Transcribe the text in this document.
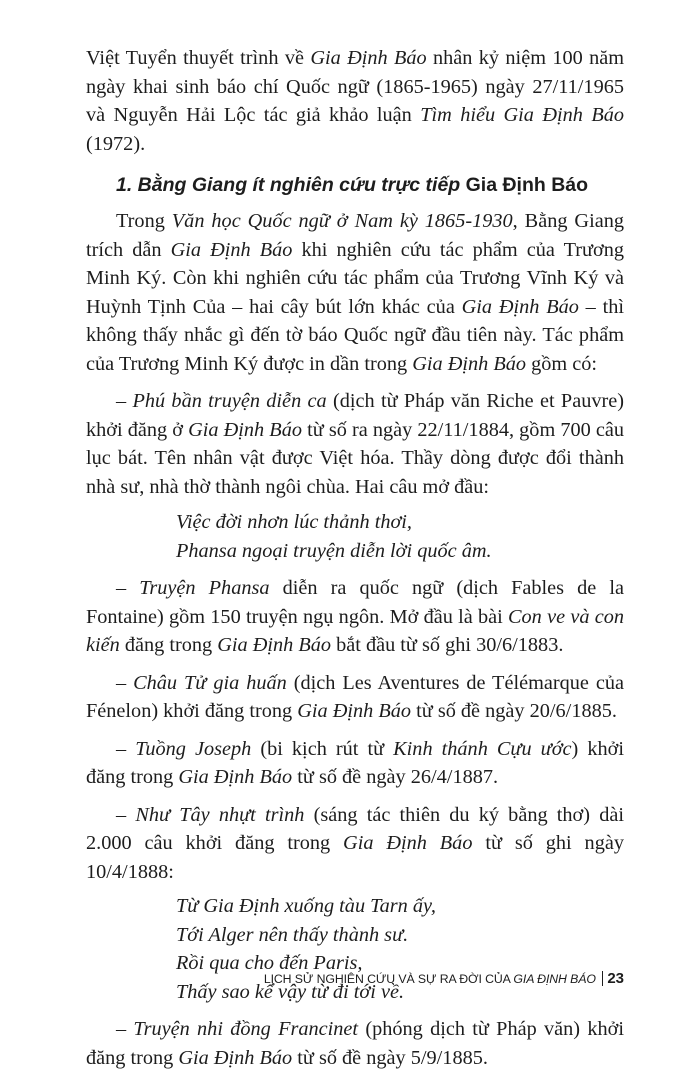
Việt Tuyển thuyết trình về Gia Định Báo nhân kỷ niệm 100 năm ngày khai sinh báo chí Quốc ngữ (1865-1965) ngày 27/11/1965 và Nguyễn Hải Lộc tác giả khảo luận Tìm hiểu Gia Định Báo (1972).

1. Bằng Giang ít nghiên cứu trực tiếp Gia Định Báo

Trong Văn học Quốc ngữ ở Nam kỳ 1865-1930, Bằng Giang trích dẫn Gia Định Báo khi nghiên cứu tác phẩm của Trương Minh Ký. Còn khi nghiên cứu tác phẩm của Trương Vĩnh Ký và Huỳnh Tịnh Của – hai cây bút lớn khác của Gia Định Báo – thì không thấy nhắc gì đến tờ báo Quốc ngữ đầu tiên này. Tác phẩm của Trương Minh Ký được in dần trong Gia Định Báo gồm có:

– Phú bần truyện diễn ca (dịch từ Pháp văn Riche et Pauvre) khởi đăng ở Gia Định Báo từ số ra ngày 22/11/1884, gồm 700 câu lục bát. Tên nhân vật được Việt hóa. Thầy dòng được đổi thành nhà sư, nhà thờ thành ngôi chùa. Hai câu mở đầu:

Việc đời nhơn lúc thảnh thơi,
Phansa ngoại truyện diễn lời quốc âm.

– Truyện Phansa diễn ra quốc ngữ (dịch Fables de la Fontaine) gồm 150 truyện ngụ ngôn. Mở đầu là bài Con ve và con kiến đăng trong Gia Định Báo bắt đầu từ số ghi 30/6/1883.

– Châu Tử gia huấn (dịch Les Aventures de Télémarque của Fénelon) khởi đăng trong Gia Định Báo từ số đề ngày 20/6/1885.

– Tuồng Joseph (bi kịch rút từ Kinh thánh Cựu ước) khởi đăng trong Gia Định Báo từ số đề ngày 26/4/1887.

– Như Tây nhựt trình (sáng tác thiên du ký bằng thơ) dài 2.000 câu khởi đăng trong Gia Định Báo từ số ghi ngày 10/4/1888:

Từ Gia Định xuống tàu Tarn ấy,
Tới Alger nên thấy thành sư.
Rồi qua cho đến Paris,
Thấy sao kể vậy từ đi tới về.

– Truyện nhi đồng Francinet (phóng dịch từ Pháp văn) khởi đăng trong Gia Định Báo từ số đề ngày 5/9/1885.

LỊCH SỬ NGHIÊN CỨU VÀ SỰ RA ĐỜI CỦA GIA ĐỊNH BÁO 23
